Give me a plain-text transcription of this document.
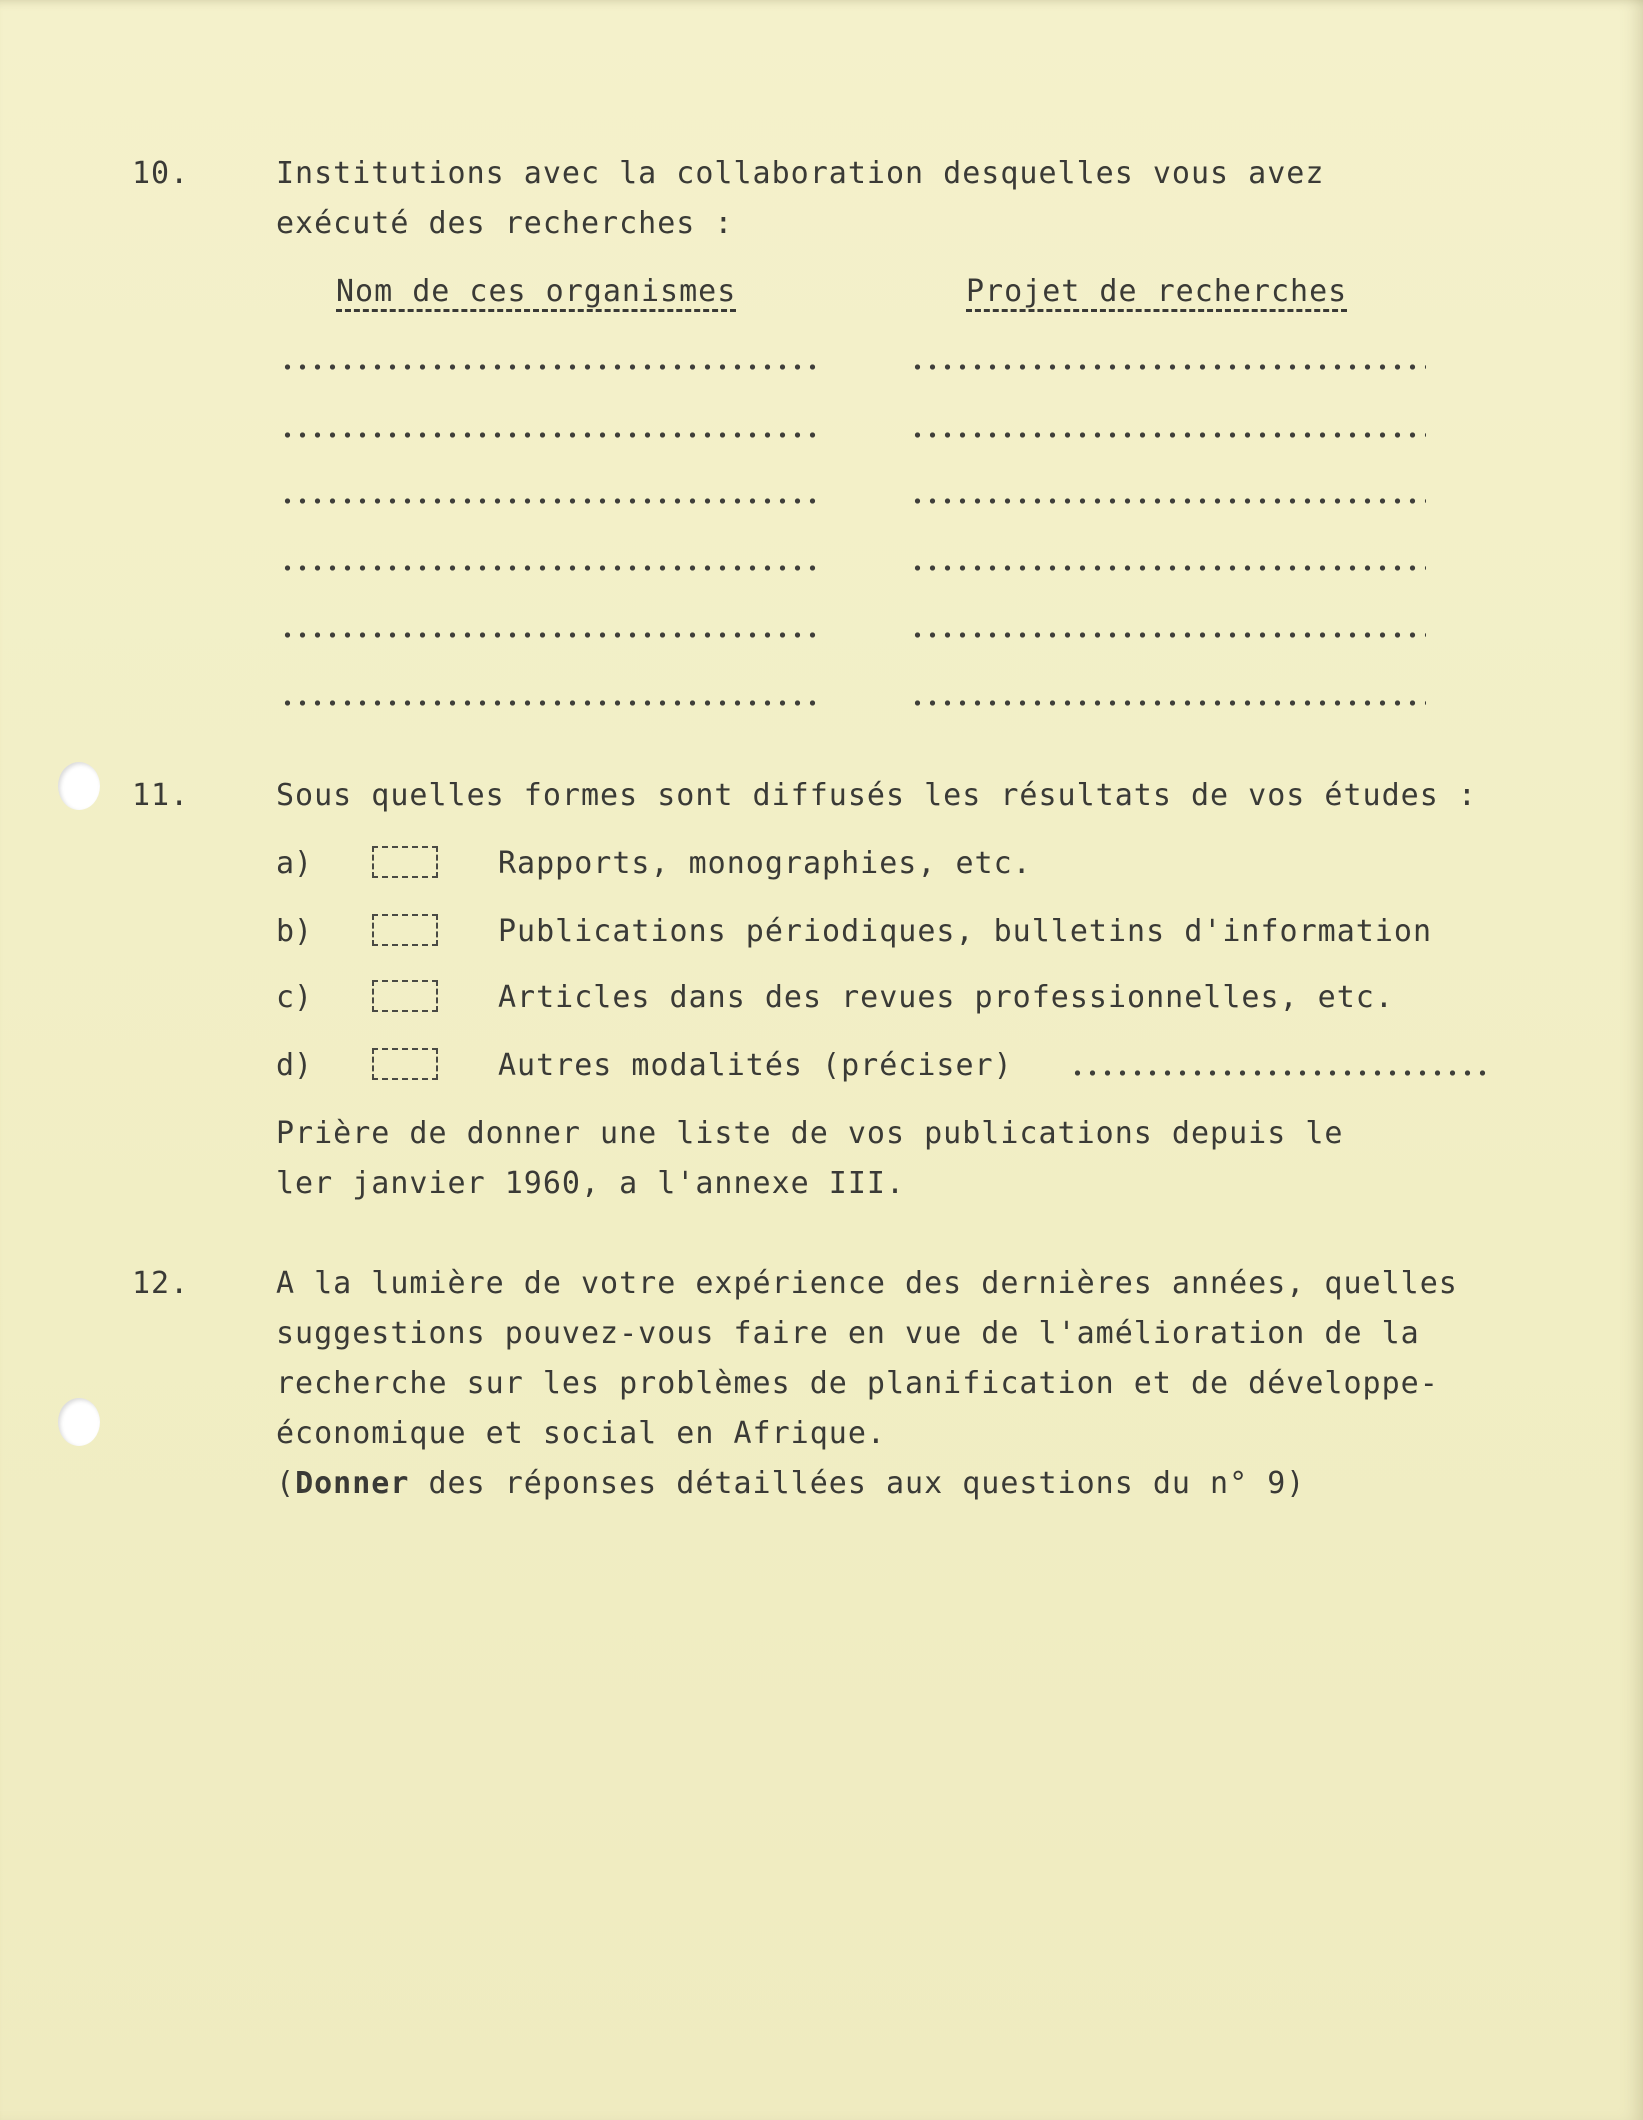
10.	Institutions avec la collaboration desquelles vous avez
exécuté des recherches :
Nom de ces organismes	Projet de recherches
11.	Sous quelles formes sont diffusés les résultats de vos études :
a)	Rapports, monographies, etc.
b)	Publications périodiques, bulletins d'information
c)	Articles dans des revues professionnelles, etc.
d)	Autres modalités (préciser)
Prière de donner une liste de vos publications depuis le
ler janvier 1960, a l'annexe III.
12.	A la lumière de votre expérience des dernières années, quelles
suggestions pouvez-vous faire en vue de l'amélioration de la
recherche sur les problèmes de planification et de développe-
économique et social en Afrique.
(Donner des réponses détaillées aux questions du n° 9)
